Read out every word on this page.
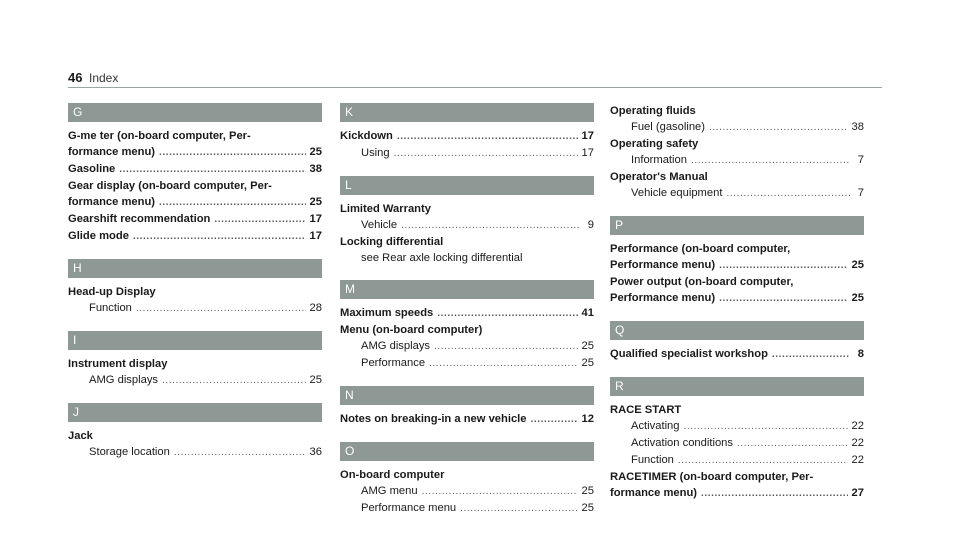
46 Index
G
G-me ter (on-board computer, Per‐
formance menu) .....	25
Gasoline .....	38
Gear display (on-board computer, Per‐
formance menu) .....	25
Gearshift recommendation .....	17
Glide mode .....	17
H
Head-up Display
Function .....	28
I
Instrument display
AMG displays .....	25
J
Jack
Storage location .....	36
K
Kickdown .....	17
Using .....	17
L
Limited Warranty
Vehicle .....	9
Locking differential
see Rear axle locking differential
M
Maximum speeds .....	41
Menu (on-board computer)
AMG displays .....	25
Performance .....	25
N
Notes on breaking-in a new vehicle .....	12
O
On-board computer
AMG menu .....	25
Performance menu .....	25
Operating fluids
Fuel (gasoline) .....	38
Operating safety
Information .....	7
Operator's Manual
Vehicle equipment .....	7
P
Performance (on-board computer,
Performance menu) .....	25
Power output (on-board computer,
Performance menu) .....	25
Q
Qualified specialist workshop .....	8
R
RACE START
Activating .....	22
Activation conditions .....	22
Function .....	22
RACETIMER (on-board computer, Per‐
formance menu) .....	27
